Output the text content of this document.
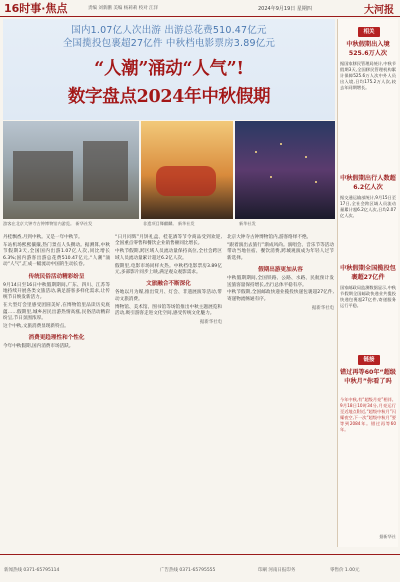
16时事·焦点	责编 刘新鹏 美编 杨莉莉 校对 江洋	2024年9月19日 星期四	大河报
国内1.07亿人次出游 出游总花费510.47亿元
全国揽投包裹超27亿件 中秋档电影票房3.89亿元
“人潮”涌动“人气”!
数字盘点2024年中秋假期
游客在北京大钟寺古钟博物馆内游览。 新华社发	非遗项目舞麒麟。 新华社发	新华社发

丹桂飘香,月到中秋。又是一年中秋节。

车站机场熙熙攘攘,热门景点人头攒动。据测算,中秋节假期3天,全国国内出游1.07亿人次,同比增长6.3%;国内游客出游总花费510.47亿元,“人潮”涌动“人气”,汇成一幅流动中国的生动长卷。

传统民俗活动精彩纷呈

9月14日至16日中秋假期期间,广东、四川、江苏等地持续开展各类文旅活动,满足游客多样化需求,让传统节日焕发新活力。

在大型灯会里感受团圆美好,在博物馆里品读历史底蕴……假期里,城乡居民出游热情高涨,民俗活动精彩纷呈,节日氛围浓厚。

这个中秋,文旅消费显现新特点。

消费更趋理性和个性化

今年中秋假期,国内消费市场活跃。

“日月同辉”月饼礼盒、桂花酒等节令商品受到欢迎,全国重点零售和餐饮企业销售额同比增长。

中秋节假期,跨区域人员流动量保持高位,全社会跨区域人员流动量累计超过6.2亿人次。

假期里,电影市场同样火热。中秋档电影票房3.89亿元,多部影片同步上映,满足观众观影需求。

文旅融合不断深化

各地以月为媒,推出赏月、灯会、非遗展演等活动,带动文旅消费。

博物馆、美术馆、图书馆等场馆推出中秋主题展览和活动,吸引游客走进文化空间,感受传统文化魅力。

据新华社电

北京大钟寺古钟博物馆内,游客络绎不绝。

“跟着演出去旅行”渐成风尚。演唱会、音乐节等活动带动当地住宿、餐饮消费,跨城观演成为年轻人过节新选择。

假期出游更加从容

中秋假期期间,全国铁路、公路、水路、民航预计发送旅客量保持增长,出行总体平稳有序。

中秋节假期,全国邮政快递业揽投快递包裹超27亿件,寄递物流畅通有序。

据新华社电
相关
中秋假期出入境525.6万人次
据国家移民管理局统计,中秋节假期3天,全国移民管理机构累计保障525.6万人次中外人员出入境,日均175.2万人次,较去年同期增长。
中秋假期出行人数超6.2亿人次
据交通运输部统计,9月15日至17日,全社会跨区域人员流动量累计超6.2亿人次,日均2.07亿人次。
中秋假期全国揽投包裹超27亿件
国家邮政局监测数据显示,中秋节假期全国邮政快递业共揽投快递包裹超27亿件,寄递服务运行平稳。
链接
错过再等60年“超级中秋月”你看了吗
今年中秋,有“超级月亮”相伴。9月18日10时34分,月亮运行至近地点附近,“超级中秋月”闪耀夜空,下一次“超级中秋月”要等到2084年。错过再等60年。
据新华社
新闻热线 0371-65795114	广告热线 0371-65795555	印刷 河南日报印务	零售价 1.00元
